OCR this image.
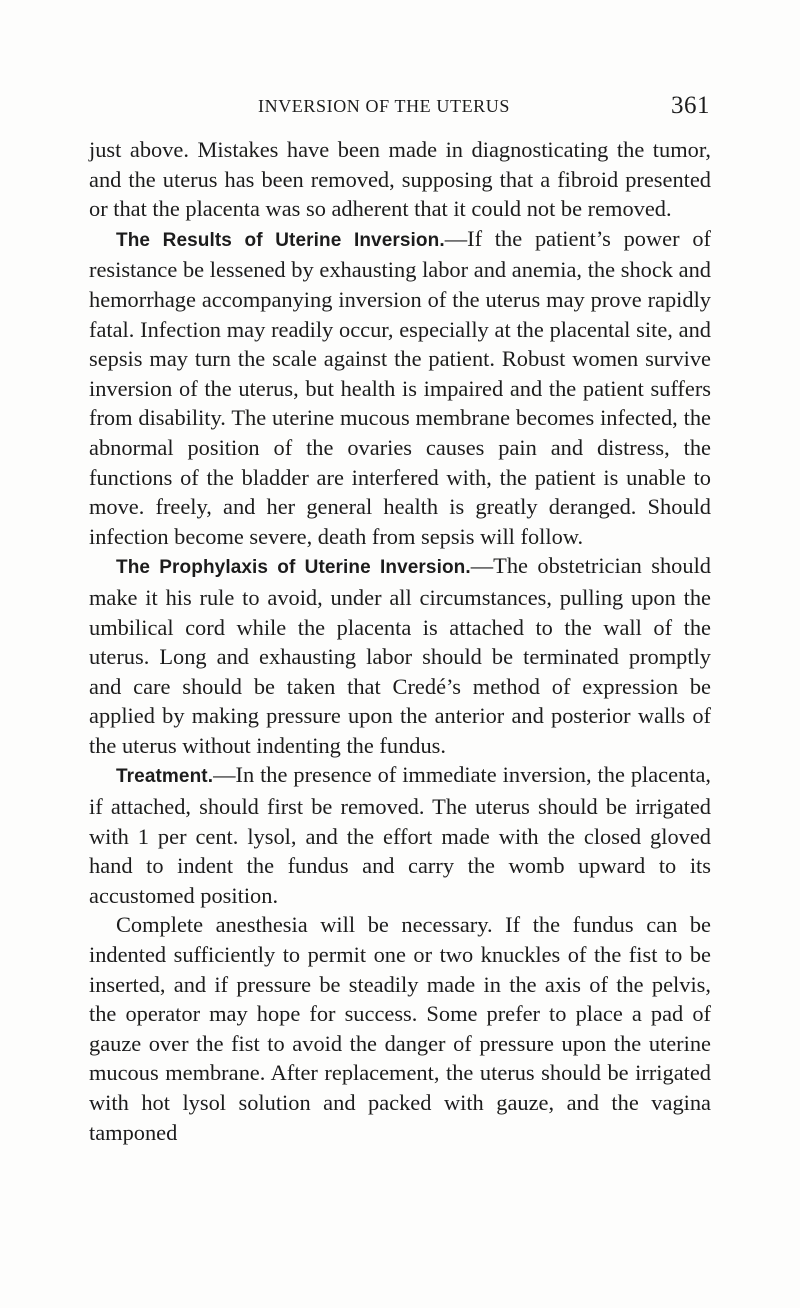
INVERSION OF THE UTERUS	361

just above. Mistakes have been made in diagnosticating the tumor, and the uterus has been removed, supposing that a fibroid presented or that the placenta was so adherent that it could not be removed.

The Results of Uterine Inversion.—If the patient’s power of resistance be lessened by exhausting labor and anemia, the shock and hemorrhage accompanying inversion of the uterus may prove rapidly fatal. Infection may readily occur, especially at the placental site, and sepsis may turn the scale against the patient. Robust women survive inversion of the uterus, but health is impaired and the patient suffers from disability. The uterine mucous membrane becomes infected, the abnormal position of the ovaries causes pain and distress, the functions of the bladder are interfered with, the patient is unable to move. freely, and her general health is greatly deranged. Should infection become severe, death from sepsis will follow.

The Prophylaxis of Uterine Inversion.—The obstetrician should make it his rule to avoid, under all circumstances, pulling upon the umbilical cord while the placenta is attached to the wall of the uterus. Long and exhausting labor should be terminated promptly and care should be taken that Credé’s method of expression be applied by making pressure upon the anterior and posterior walls of the uterus without indenting the fundus.

Treatment.—In the presence of immediate inversion, the placenta, if attached, should first be removed. The uterus should be irrigated with 1 per cent. lysol, and the effort made with the closed gloved hand to indent the fundus and carry the womb upward to its accustomed position.

Complete anesthesia will be necessary. If the fundus can be indented sufficiently to permit one or two knuckles of the fist to be inserted, and if pressure be steadily made in the axis of the pelvis, the operator may hope for success. Some prefer to place a pad of gauze over the fist to avoid the danger of pressure upon the uterine mucous membrane. After replacement, the uterus should be irrigated with hot lysol solution and packed with gauze, and the vagina tamponed
